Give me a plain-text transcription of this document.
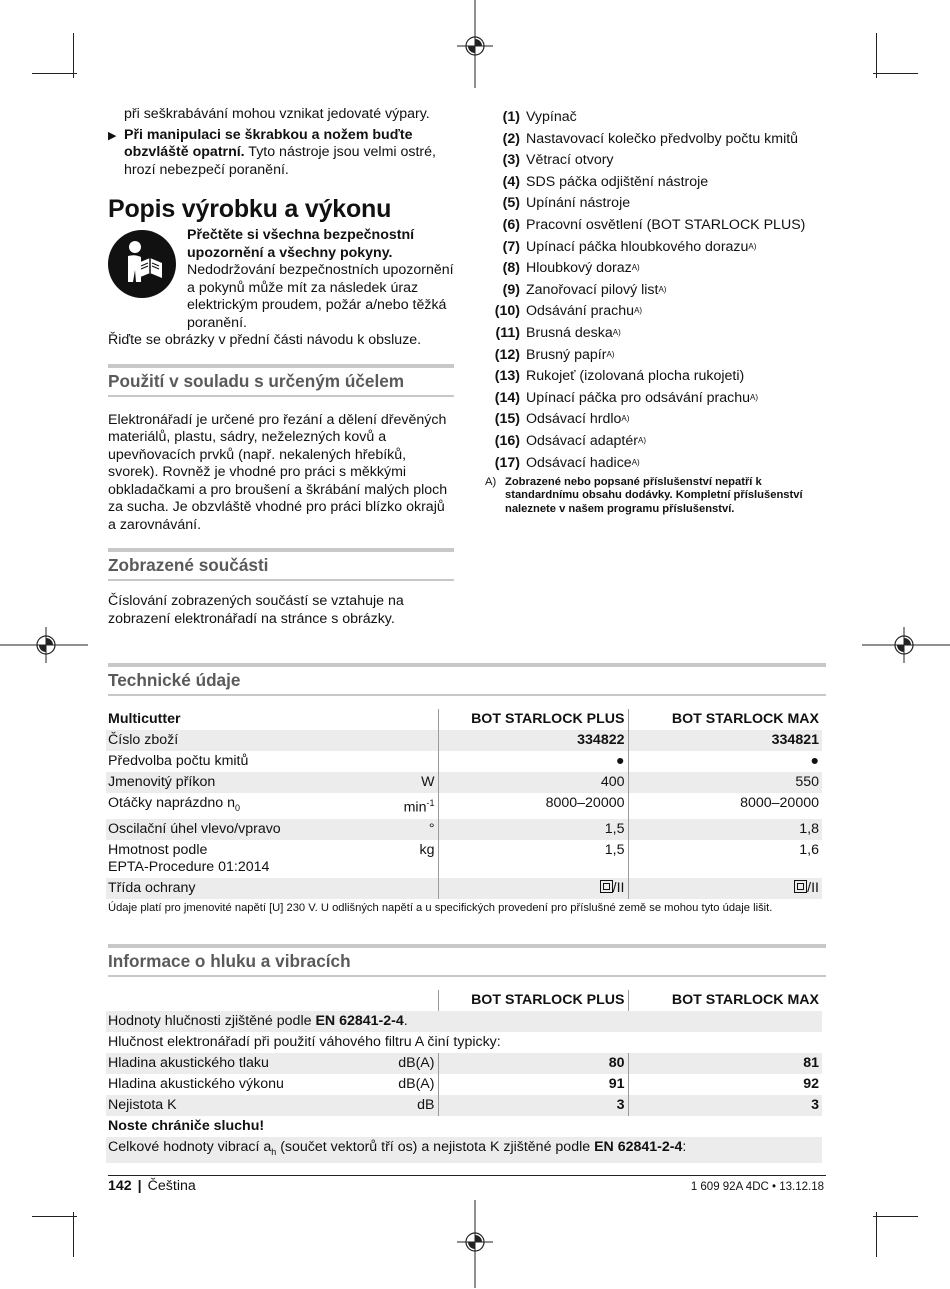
při seškrabávání mohou vznikat jedovaté výpary.

▶ Při manipulaci se škrabkou a nožem buďte obzvláště opatrní. Tyto nástroje jsou velmi ostré, hrozí nebezpečí poranění.
Popis výrobku a výkonu
Přečtěte si všechna bezpečnostní upozornění a všechny pokyny. Nedodržování bezpečnostních upozornění a pokynů může mít za následek úraz elektrickým proudem, požár a/nebo těžká poranění.

Řiďte se obrázky v přední části návodu k obsluze.

Použití v souladu s určeným účelem

Elektronářadí je určené pro řezání a dělení dřevěných materiálů, plastu, sádry, neželezných kovů a upevňovacích prvků (např. nekalených hřebíků, svorek). Rovněž je vhodné pro práci s měkkými obkladačkami a pro broušení a škrábání malých ploch za sucha. Je obzvláště vhodné pro práci blízko okrajů a zarovnávání.

Zobrazené součásti

Číslování zobrazených součástí se vztahuje na zobrazení elektronářadí na stránce s obrázky.

(1) Vypínač
(2) Nastavovací kolečko předvolby počtu kmitů
(3) Větrací otvory
(4) SDS páčka odjištění nástroje
(5) Upínání nástroje
(6) Pracovní osvětlení (BOT STARLOCK PLUS)
(7) Upínací páčka hloubkového dorazu$^{A)}$
(8) Hloubkový doraz$^{A)}$
(9) Zanořovací pilový list$^{A)}$
(10) Odsávání prachu$^{A)}$
(11) Brusná deska$^{A)}$
(12) Brusný papír$^{A)}$
(13) Rukojeť (izolovaná plocha rukojeti)
(14) Upínací páčka pro odsávání prachu$^{A)}$
(15) Odsávací hrdlo$^{A)}$
(16) Odsávací adaptér$^{A)}$
(17) Odsávací hadice$^{A)}$
A) Zobrazené nebo popsané příslušenství nepatří k standardnímu obsahu dodávky. Kompletní příslušenství naleznete v našem programu příslušenství.
Technické údaje
Multicutter		BOT STARLOCK PLUS	BOT STARLOCK MAX
Číslo zboží		334822	334821
Předvolba počtu kmitů		●	●
Jmenovitý příkon	W	400	550
Otáčky naprázdno $n_0$	$\min^{-1}$	8000–20000	8000–20000
Oscilační úhel vlevo/vpravo	°	1,5	1,8

Hmotnost podle
EPTA-Procedure 01:2014	kg	1,5	1,6
Třída ochrany		/II	/II
Údaje platí pro jmenovité napětí [U] 230 V. U odlišných napětí a u specifických provedení pro příslušné země se mohou tyto údaje lišit.
Informace o hluku a vibracích
		BOT STARLOCK PLUS	BOT STARLOCK MAX
Hodnoty hlučnosti zjištěné podle EN 62841-2-4.			
Hlučnost elektronářadí při použití váhového filtru A činí typicky:			
Hladina akustického tlaku	dB(A)	80	81
Hladina akustického výkonu	dB(A)	91	92
Nejistota K	dB	3	3
Noste chrániče sluchu!			
Celkové hodnoty vibrací $a_h$ (součet vektorů tří os) a nejistota K zjištěné podle EN 62841-2-4:			
142 | Čeština	1 609 92A 4DC • 13.12.18
